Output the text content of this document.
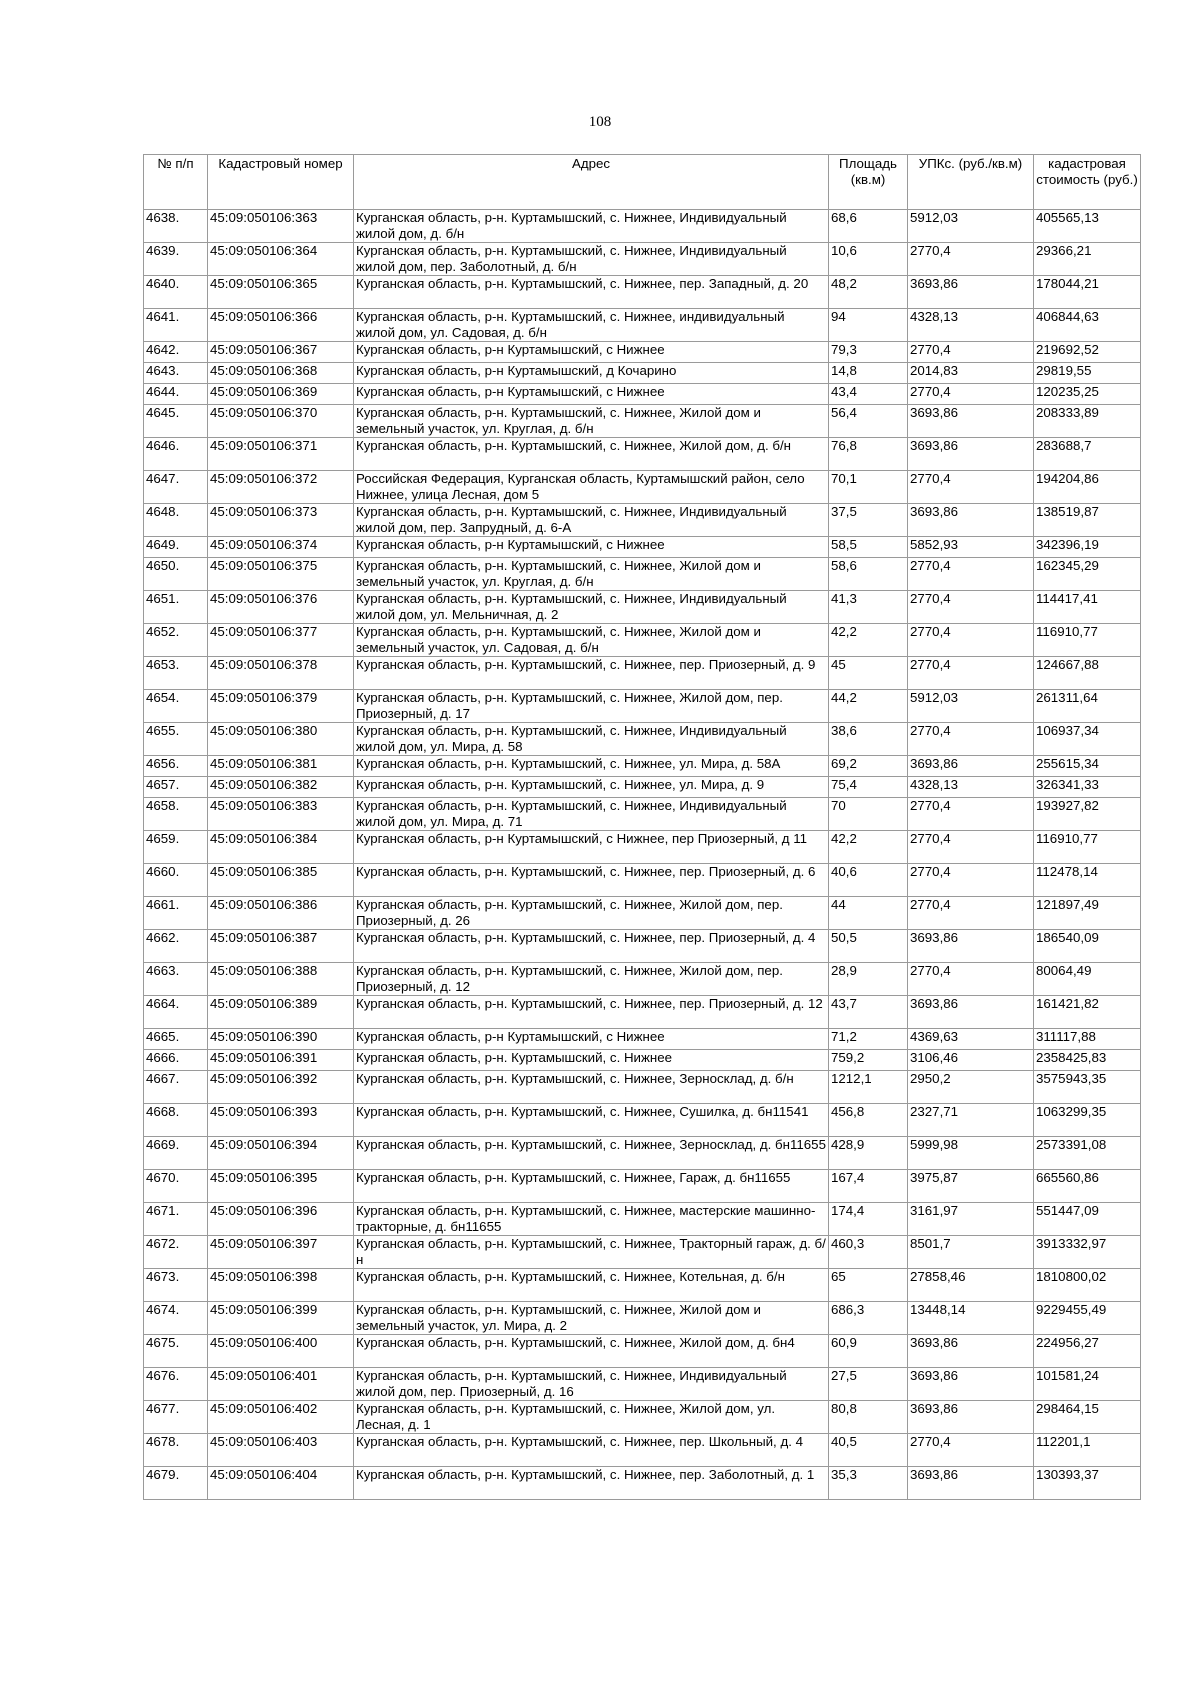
108
№ п/п	Кадастровый номер	Адрес	Площадь (кв.м)	УПКс. (руб./кв.м)	кадастровая стоимость (руб.)
4638.	45:09:050106:363	Курганская область, р-н. Куртамышский, с. Нижнее, Индивидуальный жилой дом, д. б/н	68,6	5912,03	405565,13
4639.	45:09:050106:364	Курганская область, р-н. Куртамышский, с. Нижнее, Индивидуальный жилой дом, пер. Заболотный, д. б/н	10,6	2770,4	29366,21
4640.	45:09:050106:365	Курганская область, р-н. Куртамышский, с. Нижнее, пер. Западный, д. 20	48,2	3693,86	178044,21
4641.	45:09:050106:366	Курганская область, р-н. Куртамышский, с. Нижнее, индивидуальный жилой дом, ул. Садовая, д. б/н	94	4328,13	406844,63
4642.	45:09:050106:367	Курганская область, р-н Куртамышский, с Нижнее	79,3	2770,4	219692,52
4643.	45:09:050106:368	Курганская область, р-н Куртамышский, д Кочарино	14,8	2014,83	29819,55
4644.	45:09:050106:369	Курганская область, р-н Куртамышский, с Нижнее	43,4	2770,4	120235,25
4645.	45:09:050106:370	Курганская область, р-н. Куртамышский, с. Нижнее, Жилой дом и земельный участок, ул. Круглая, д. б/н	56,4	3693,86	208333,89
4646.	45:09:050106:371	Курганская область, р-н. Куртамышский, с. Нижнее, Жилой дом, д. б/н	76,8	3693,86	283688,7
4647.	45:09:050106:372	Российская Федерация, Курганская область, Куртамышский район, село Нижнее, улица Лесная, дом 5	70,1	2770,4	194204,86
4648.	45:09:050106:373	Курганская область, р-н. Куртамышский, с. Нижнее, Индивидуальный жилой дом, пер. Запрудный, д. 6-А	37,5	3693,86	138519,87
4649.	45:09:050106:374	Курганская область, р-н Куртамышский, с Нижнее	58,5	5852,93	342396,19
4650.	45:09:050106:375	Курганская область, р-н. Куртамышский, с. Нижнее, Жилой дом и земельный участок, ул. Круглая, д. б/н	58,6	2770,4	162345,29
4651.	45:09:050106:376	Курганская область, р-н. Куртамышский, с. Нижнее, Индивидуальный жилой дом, ул. Мельничная, д. 2	41,3	2770,4	114417,41
4652.	45:09:050106:377	Курганская область, р-н. Куртамышский, с. Нижнее, Жилой дом и земельный участок, ул. Садовая, д. б/н	42,2	2770,4	116910,77
4653.	45:09:050106:378	Курганская область, р-н. Куртамышский, с. Нижнее, пер. Приозерный, д. 9	45	2770,4	124667,88
4654.	45:09:050106:379	Курганская область, р-н. Куртамышский, с. Нижнее, Жилой дом, пер. Приозерный, д. 17	44,2	5912,03	261311,64
4655.	45:09:050106:380	Курганская область, р-н. Куртамышский, с. Нижнее, Индивидуальный жилой дом, ул. Мира, д. 58	38,6	2770,4	106937,34
4656.	45:09:050106:381	Курганская область, р-н. Куртамышский, с. Нижнее, ул. Мира, д. 58А	69,2	3693,86	255615,34
4657.	45:09:050106:382	Курганская область, р-н. Куртамышский, с. Нижнее, ул. Мира, д. 9	75,4	4328,13	326341,33
4658.	45:09:050106:383	Курганская область, р-н. Куртамышский, с. Нижнее, Индивидуальный жилой дом, ул. Мира, д. 71	70	2770,4	193927,82
4659.	45:09:050106:384	Курганская область, р-н Куртамышский, с Нижнее, пер Приозерный, д 11	42,2	2770,4	116910,77
4660.	45:09:050106:385	Курганская область, р-н. Куртамышский, с. Нижнее, пер. Приозерный, д. 6	40,6	2770,4	112478,14
4661.	45:09:050106:386	Курганская область, р-н. Куртамышский, с. Нижнее, Жилой дом, пер. Приозерный, д. 26	44	2770,4	121897,49
4662.	45:09:050106:387	Курганская область, р-н. Куртамышский, с. Нижнее, пер. Приозерный, д. 4	50,5	3693,86	186540,09
4663.	45:09:050106:388	Курганская область, р-н. Куртамышский, с. Нижнее, Жилой дом, пер. Приозерный, д. 12	28,9	2770,4	80064,49
4664.	45:09:050106:389	Курганская область, р-н. Куртамышский, с. Нижнее, пер. Приозерный, д. 12	43,7	3693,86	161421,82
4665.	45:09:050106:390	Курганская область, р-н Куртамышский, с Нижнее	71,2	4369,63	311117,88
4666.	45:09:050106:391	Курганская область, р-н. Куртамышский, с. Нижнее	759,2	3106,46	2358425,83
4667.	45:09:050106:392	Курганская область, р-н. Куртамышский, с. Нижнее, Зерносклад, д. б/н	1212,1	2950,2	3575943,35
4668.	45:09:050106:393	Курганская область, р-н. Куртамышский, с. Нижнее, Сушилка, д. бн11541	456,8	2327,71	1063299,35
4669.	45:09:050106:394	Курганская область, р-н. Куртамышский, с. Нижнее, Зерносклад, д. бн11655	428,9	5999,98	2573391,08
4670.	45:09:050106:395	Курганская область, р-н. Куртамышский, с. Нижнее, Гараж, д. бн11655	167,4	3975,87	665560,86
4671.	45:09:050106:396	Курганская область, р-н. Куртамышский, с. Нижнее, мастерские машинно-тракторные, д. бн11655	174,4	3161,97	551447,09
4672.	45:09:050106:397	Курганская область, р-н. Куртамышский, с. Нижнее, Тракторный гараж, д. б/н	460,3	8501,7	3913332,97
4673.	45:09:050106:398	Курганская область, р-н. Куртамышский, с. Нижнее, Котельная, д. б/н	65	27858,46	1810800,02
4674.	45:09:050106:399	Курганская область, р-н. Куртамышский, с. Нижнее, Жилой дом и земельный участок, ул. Мира, д. 2	686,3	13448,14	9229455,49
4675.	45:09:050106:400	Курганская область, р-н. Куртамышский, с. Нижнее, Жилой дом, д. бн4	60,9	3693,86	224956,27
4676.	45:09:050106:401	Курганская область, р-н. Куртамышский, с. Нижнее, Индивидуальный жилой дом, пер. Приозерный, д. 16	27,5	3693,86	101581,24
4677.	45:09:050106:402	Курганская область, р-н. Куртамышский, с. Нижнее, Жилой дом, ул. Лесная, д. 1	80,8	3693,86	298464,15
4678.	45:09:050106:403	Курганская область, р-н. Куртамышский, с. Нижнее, пер. Школьный, д. 4	40,5	2770,4	112201,1
4679.	45:09:050106:404	Курганская область, р-н. Куртамышский, с. Нижнее, пер. Заболотный, д. 1	35,3	3693,86	130393,37
